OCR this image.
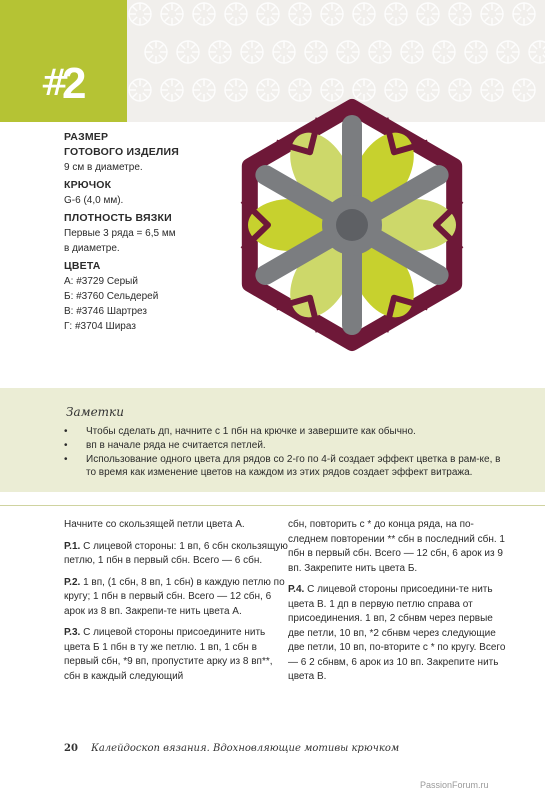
#
2
РАЗМЕР
ГОТОВОГО ИЗДЕЛИЯ
9 см в диаметре.
КРЮЧОК
G-6 (4,0 мм).
ПЛОТНОСТЬ ВЯЗКИ
Первые 3 ряда = 6,5 мм
в диаметре.
ЦВЕТА
А: #3729 Серый
Б: #3760 Сельдерей
В: #3746 Шартрез
Г: #3704 Шираз
Заметки
• Чтобы сделать дп, начните с 1 пбн на крючке и завершите как обычно.
• вп в начале ряда не считается петлей.
• Использование одного цвета для рядов со 2-го по 4-й создает эффект цветка в рам-ке, в то время как изменение цветов на каждом из этих рядов создает эффект витража.

Начните со скользящей петли цвета А.

Р.1. С лицевой стороны: 1 вп, 6 сбн скользящую петлю, 1 пбн в первый сбн. Всего — 6 сбн.

Р.2. 1 вп, (1 сбн, 8 вп, 1 сбн) в каждую петлю по кругу; 1 пбн в первый сбн. Всего — 12 сбн, 6 арок из 8 вп. Закрепи-те нить цвета А.

Р.3. С лицевой стороны присоедините нить цвета Б 1 пбн в ту же петлю. 1 вп, 1 сбн в первый сбн, *9 вп, пропустите арку из 8 вп**, сбн в каждый следующий

сбн, повторить с * до конца ряда, на по-следнем повторении ** сбн в последний сбн. 1 пбн в первый сбн. Всего — 12 сбн, 6 арок из 9 вп. Закрепите нить цвета Б.

Р.4. С лицевой стороны присоедини-те нить цвета В. 1 дп в первую петлю справа от присоединения. 1 вп, 2 сбнвм через первые две петли, 10 вп, *2 сбнвм через следующие две петли, 10 вп, по-вторите с * по кругу. Всего — 6 2 сбнвм, 6 арок из 10 вп. Закрепите нить цвета В.

20 Калейдоскоп вязания. Вдохновляющие мотивы крючком
PassionForum.ru
